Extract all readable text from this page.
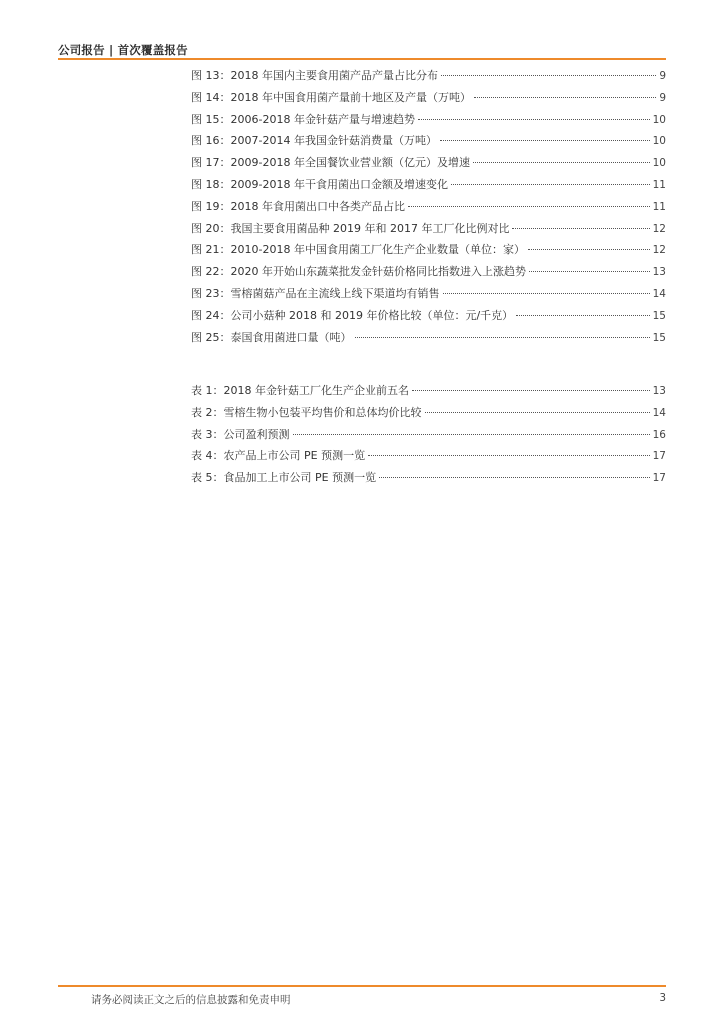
公司报告 | 首次覆盖报告
图 13：2018 年国内主要食用菌产品产量占比分布	9
图 14：2018 年中国食用菌产量前十地区及产量（万吨）	9
图 15：2006-2018 年金针菇产量与增速趋势	10
图 16：2007-2014 年我国金针菇消费量（万吨）	10
图 17：2009-2018 年全国餐饮业营业额（亿元）及增速	10
图 18：2009-2018 年干食用菌出口金额及增速变化	11
图 19：2018 年食用菌出口中各类产品占比	11
图 20：我国主要食用菌品种 2019 年和 2017 年工厂化比例对比	12
图 21：2010-2018 年中国食用菌工厂化生产企业数量（单位：家）	12
图 22：2020 年开始山东蔬菜批发金针菇价格同比指数进入上涨趋势	13
图 23：雪榕菌菇产品在主流线上线下渠道均有销售	14
图 24：公司小菇种 2018 和 2019 年价格比较（单位：元/千克）	15
图 25：泰国食用菌进口量（吨）	15
表 1：2018 年金针菇工厂化生产企业前五名	13
表 2：雪榕生物小包装平均售价和总体均价比较	14
表 3：公司盈利预测	16
表 4：农产品上市公司 PE 预测一览	17
表 5：食品加工上市公司 PE 预测一览	17
请务必阅读正文之后的信息披露和免责申明	3
